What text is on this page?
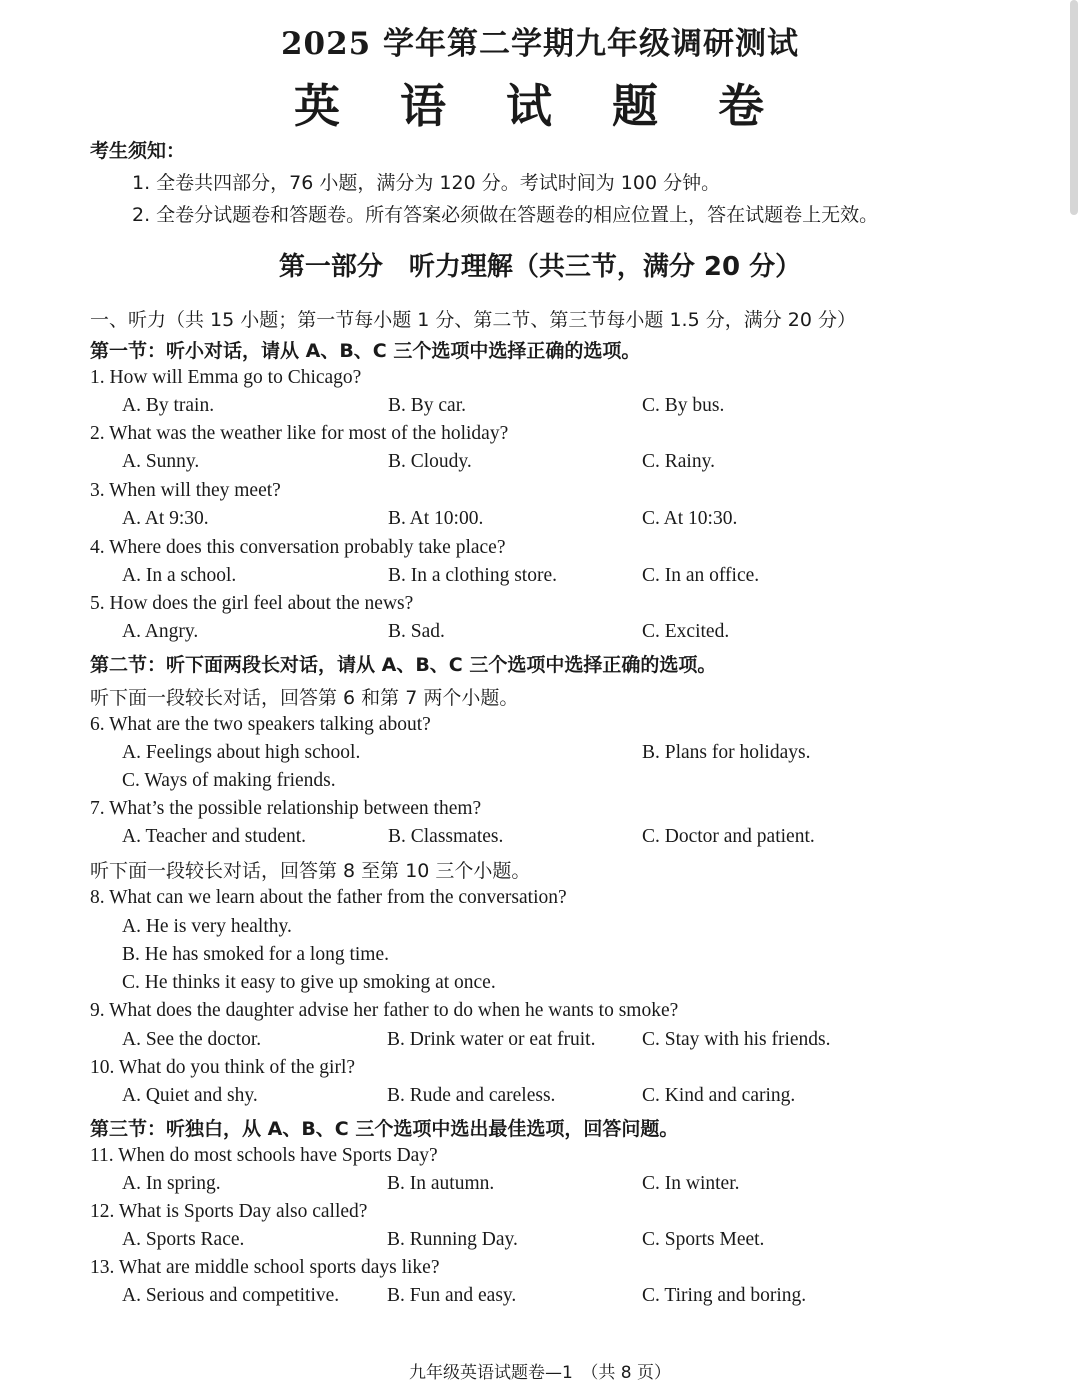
2025 学年第二学期九年级调研测试
英 语 试 题 卷
考生须知：
1. 全卷共四部分，76 小题，满分为 120 分。考试时间为 100 分钟。
2. 全卷分试题卷和答题卷。所有答案必须做在答题卷的相应位置上，答在试题卷上无效。
第一部分　听力理解（共三节，满分 20 分）
一、听力（共 15 小题；第一节每小题 1 分、第二节、第三节每小题 1.5 分，满分 20 分）
第一节：听小对话，请从 A、B、C 三个选项中选择正确的选项。
1. How will Emma go to Chicago?
A. By train.	B. By car.	C. By bus.
2. What was the weather like for most of the holiday?
A. Sunny.	B. Cloudy.	C. Rainy.
3. When will they meet?
A. At 9:30.	B. At 10:00.	C. At 10:30.
4. Where does this conversation probably take place?
A. In a school.	B. In a clothing store.	C. In an office.
5. How does the girl feel about the news?
A. Angry.	B. Sad.	C. Excited.
第二节：听下面两段长对话，请从 A、B、C 三个选项中选择正确的选项。
听下面一段较长对话，回答第 6 和第 7 两个小题。
6. What are the two speakers talking about?
A. Feelings about high school.	B. Plans for holidays.
C. Ways of making friends.
7. What’s the possible relationship between them?
A. Teacher and student.	B. Classmates.	C. Doctor and patient.
听下面一段较长对话，回答第 8 至第 10 三个小题。
8. What can we learn about the father from the conversation?
A. He is very healthy.
B. He has smoked for a long time.
C. He thinks it easy to give up smoking at once.
9. What does the daughter advise her father to do when he wants to smoke?
A. See the doctor.	B. Drink water or eat fruit. C. Stay with his friends.
10. What do you think of the girl?
A. Quiet and shy.	B. Rude and careless.	C. Kind and caring.
第三节：听独白，从 A、B、C 三个选项中选出最佳选项，回答问题。
11. When do most schools have Sports Day?
A. In spring.	B. In autumn.	C. In winter.
12. What is Sports Day also called?
A. Sports Race.	B. Running Day.	C. Sports Meet.
13. What are middle school sports days like?
A. Serious and competitive. B. Fun and easy.	C. Tiring and boring.
九年级英语试题卷—1　（共 8 页）
